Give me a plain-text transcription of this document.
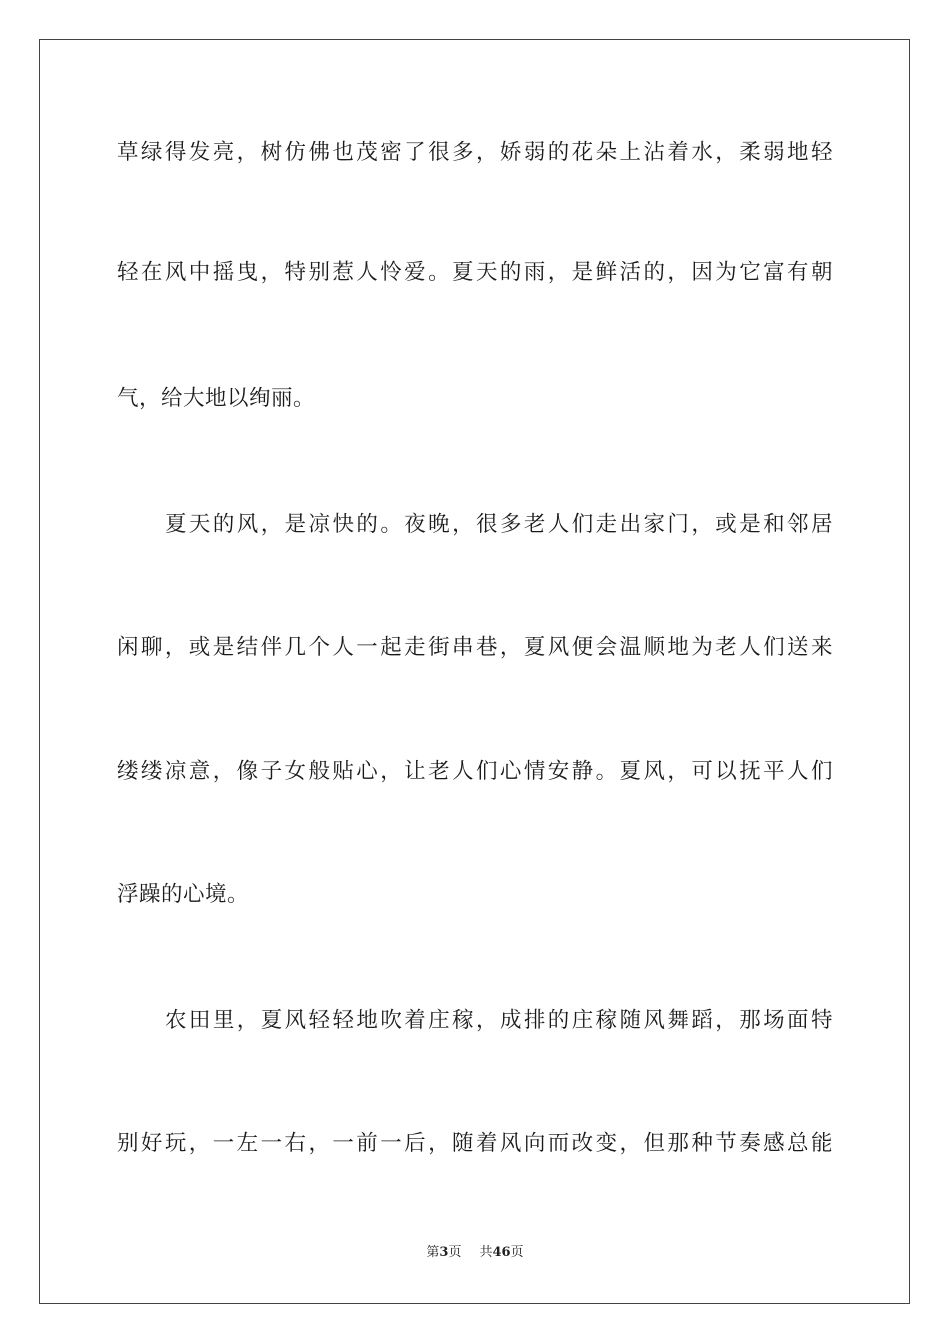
草绿得发亮，树仿佛也茂密了很多，娇弱的花朵上沾着水，柔弱地轻
轻在风中摇曳，特别惹人怜爱。夏天的雨，是鲜活的，因为它富有朝
气，给大地以绚丽。
夏天的风，是凉快的。夜晚，很多老人们走出家门，或是和邻居
闲聊，或是结伴几个人一起走街串巷，夏风便会温顺地为老人们送来
缕缕凉意，像子女般贴心，让老人们心情安静。夏风，可以抚平人们
浮躁的心境。
农田里，夏风轻轻地吹着庄稼，成排的庄稼随风舞蹈，那场面特
别好玩，一左一右，一前一后，随着风向而改变，但那种节奏感总能
第3页 共46页
